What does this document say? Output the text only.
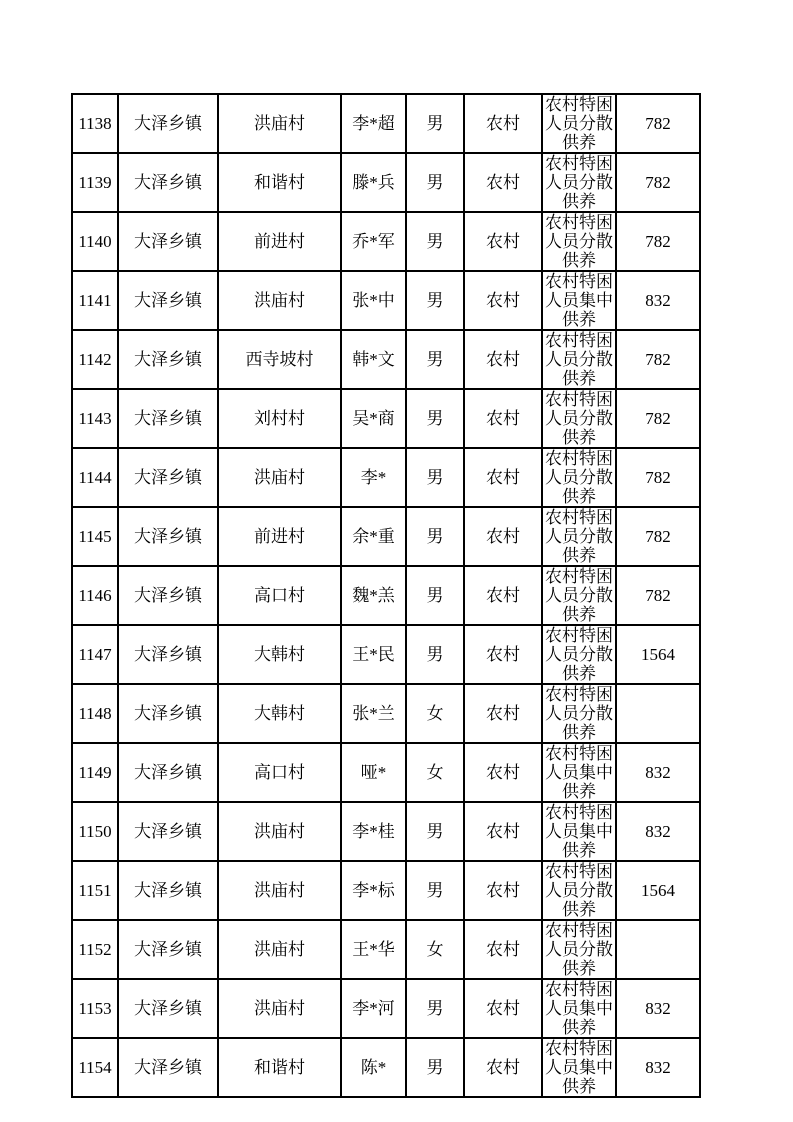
1138	大泽乡镇	洪庙村	李*超	男	农村	农村特困人员分散供养	782
1139	大泽乡镇	和谐村	滕*兵	男	农村	农村特困人员分散供养	782
1140	大泽乡镇	前进村	乔*军	男	农村	农村特困人员分散供养	782
1141	大泽乡镇	洪庙村	张*中	男	农村	农村特困人员集中供养	832
1142	大泽乡镇	西寺坡村	韩*文	男	农村	农村特困人员分散供养	782
1143	大泽乡镇	刘村村	吴*商	男	农村	农村特困人员分散供养	782
1144	大泽乡镇	洪庙村	李*	男	农村	农村特困人员分散供养	782
1145	大泽乡镇	前进村	余*重	男	农村	农村特困人员分散供养	782
1146	大泽乡镇	高口村	魏*羔	男	农村	农村特困人员分散供养	782
1147	大泽乡镇	大韩村	王*民	男	农村	农村特困人员分散供养	1564
1148	大泽乡镇	大韩村	张*兰	女	农村	农村特困人员分散供养	
1149	大泽乡镇	高口村	哑*	女	农村	农村特困人员集中供养	832
1150	大泽乡镇	洪庙村	李*桂	男	农村	农村特困人员集中供养	832
1151	大泽乡镇	洪庙村	李*标	男	农村	农村特困人员分散供养	1564
1152	大泽乡镇	洪庙村	王*华	女	农村	农村特困人员分散供养	
1153	大泽乡镇	洪庙村	李*河	男	农村	农村特困人员集中供养	832
1154	大泽乡镇	和谐村	陈*	男	农村	农村特困人员集中供养	832
